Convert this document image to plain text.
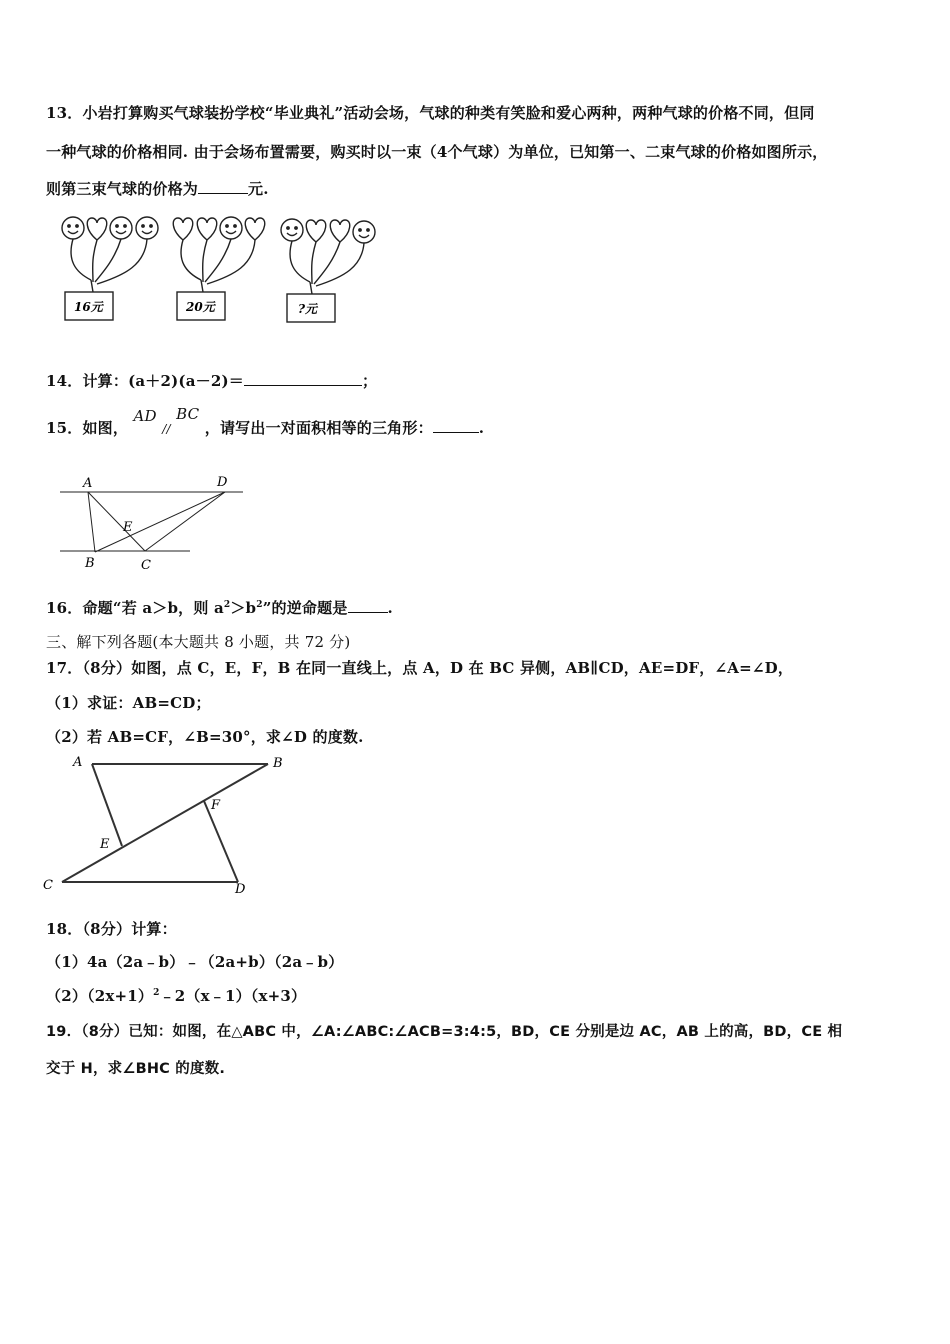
13．小岩打算购买气球装扮学校“毕业典礼”活动会场，气球的种类有笑脸和爱心两种，两种气球的价格不同，但同
一种气球的价格相同. 由于会场布置需要，购买时以一束（4个气球）为单位，已知第一、二束气球的价格如图所示，
则第三束气球的价格为	元.
16元	20元	?元
14．计算：(a＋2)(a－2)＝	；
15．如图， AD // BC ，请写出一对面积相等的三角形：	.
A	D
E
B	C
16．命题“若 a＞b，则 $a^2>b^2$”的逆命题是	.
三、解下列各题(本大题共 8 小题，共 72 分)
17．（8分）如图，点 C，E，F，B 在同一直线上，点 A，D 在 BC 异侧，AB∥CD，AE=DF，∠A=∠D，
（1）求证：AB=CD；
（2）若 AB=CF，∠B=30°，求∠D 的度数.
A	B
F
E
C	D
18．（8分）计算：
（1）4a（2a﹣b）﹣（2a+b）（2a﹣b）
$(2)(2x+1)^2﹣2(x﹣1)(x+3)$
19．（8分）已知：如图，在△ABC 中，∠A:∠ABC:∠ACB=3:4:5，BD，CE 分别是边 AC，AB 上的高，BD，CE 相
交于 H，求∠BHC 的度数.
